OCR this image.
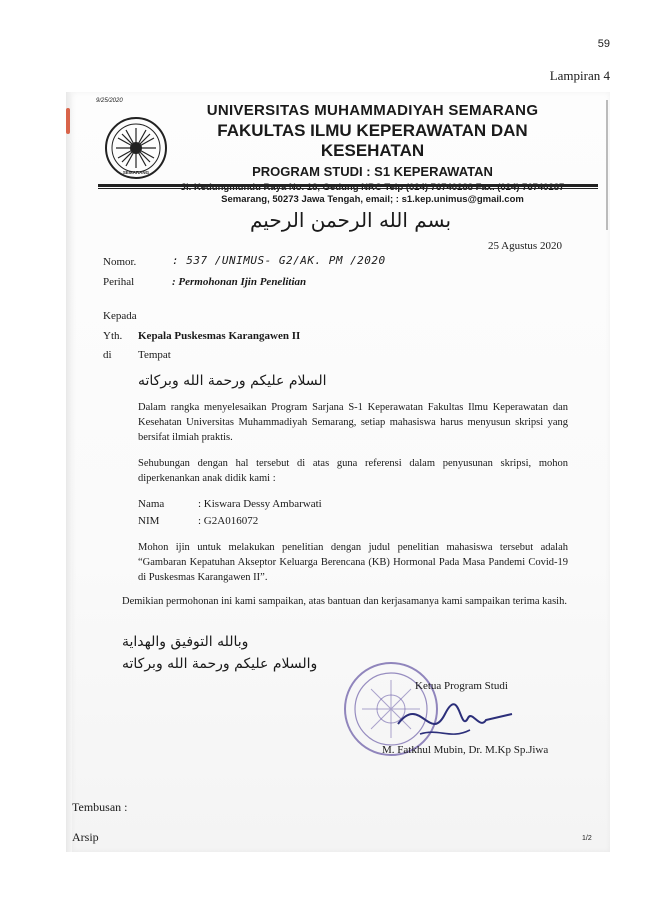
59
Lampiran 4
9/25/2020
SEMARANG
UNIVERSITAS MUHAMMADIYAH SEMARANG
FAKULTAS ILMU KEPERAWATAN DAN KESEHATAN
PROGRAM STUDI : S1 KEPERAWATAN
Semarang, 50273 Jawa Tengah, email; : s1.kep.unimus@gmail.com
بسم الله الرحمن الرحيم
25 Agustus 2020
Nomor.	: 537 /UNIMUS- G2/AK. PM /2020
Perihal	: Permohonan Ijin Penelitian
Kepada
Yth. Kepala Puskesmas Karangawen II
di Tempat
السلام عليكم ورحمة الله وبركاته
Dalam rangka menyelesaikan Program Sarjana S-1 Keperawatan Fakultas Ilmu Keperawatan dan Kesehatan Universitas Muhammadiyah Semarang, setiap mahasiswa harus menyusun skripsi yang bersifat ilmiah praktis.
Sehubungan dengan hal tersebut di atas guna referensi dalam penyusunan skripsi, mohon diperkenankan anak didik kami :
Nama	: Kiswara Dessy Ambarwati
NIM	: G2A016072
Mohon ijin untuk melakukan penelitian dengan judul penelitian mahasiswa tersebut adalah “Gambaran Kepatuhan Akseptor Keluarga Berencana (KB) Hormonal Pada Masa Pandemi Covid-19 di Puskesmas Karangawen II”.
Demikian permohonan ini kami sampaikan, atas bantuan dan kerjasamanya kami sampaikan terima kasih.
وبالله التوفيق والهداية
والسلام عليكم ورحمة الله وبركاته
Ketua Program Studi
M. Fatkhul Mubin, Dr. M.Kp Sp.Jiwa
Tembusan :
Arsip	1/2
